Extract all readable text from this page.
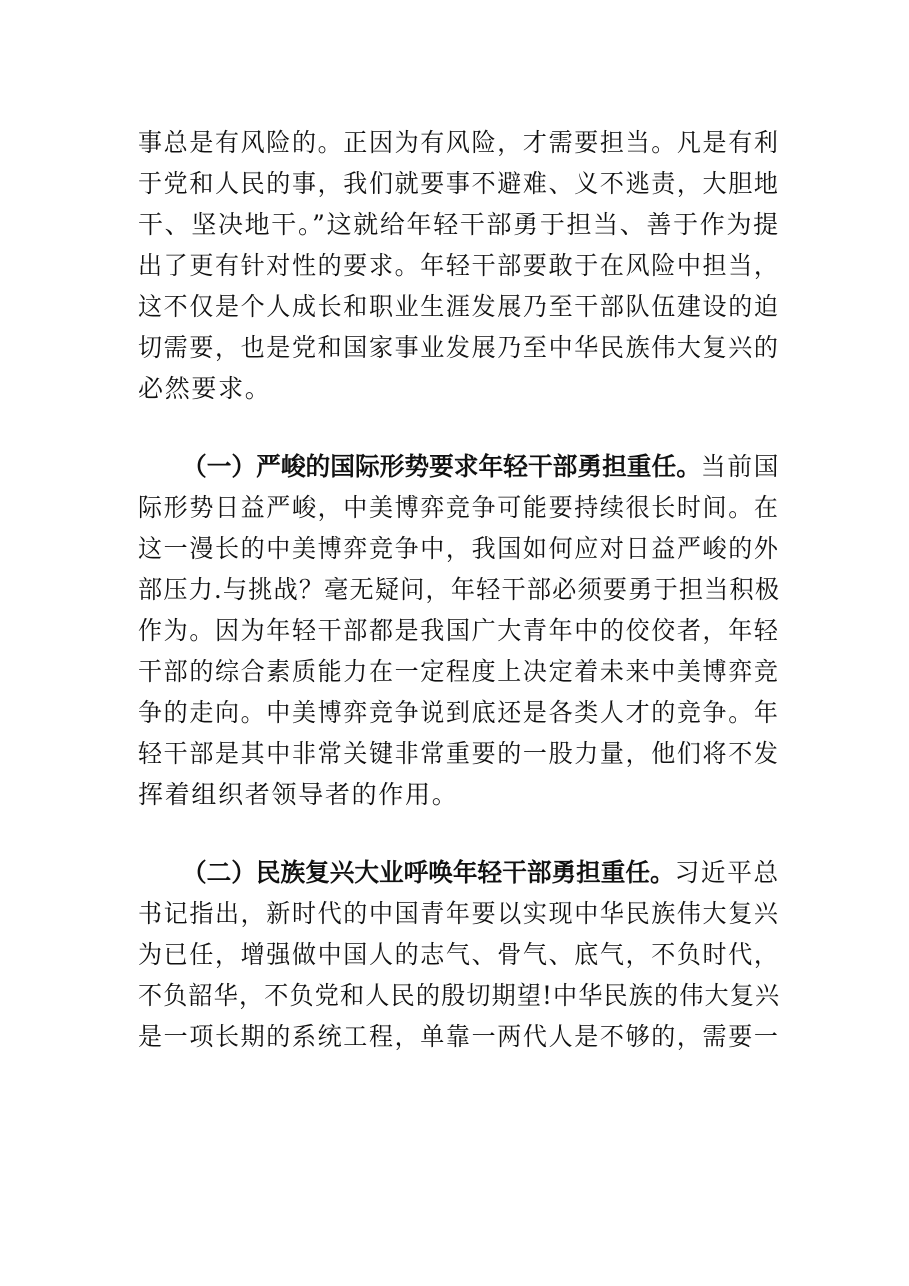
事总是有风险的。正因为有风险，才需要担当。凡是有利
于党和人民的事，我们就要事不避难、义不逃责，大胆地
干、坚决地干。”这就给年轻干部勇于担当、善于作为提
出了更有针对性的要求。年轻干部要敢于在风险中担当，
这不仅是个人成长和职业生涯发展乃至干部队伍建设的迫
切需要，也是党和国家事业发展乃至中华民族伟大复兴的
必然要求。
（一）严峻的国际形势要求年轻干部勇担重任。当前国
际形势日益严峻，中美博弈竞争可能要持续很长时间。在
这一漫长的中美博弈竞争中，我国如何应对日益严峻的外
部压力.与挑战？毫无疑问，年轻干部必须要勇于担当积极
作为。因为年轻干部都是我国广大青年中的佼佼者，年轻
干部的综合素质能力在一定程度上决定着未来中美博弈竞
争的走向。中美博弈竞争说到底还是各类人才的竞争。年
轻干部是其中非常关键非常重要的一股力量，他们将不发
挥着组织者领导者的作用。
（二）民族复兴大业呼唤年轻干部勇担重任。习近平总
书记指出，新时代的中国青年要以实现中华民族伟大复兴
为已任，增强做中国人的志气、骨气、底气，不负时代，
不负韶华，不负党和人民的殷切期望!中华民族的伟大复兴
是一项长期的系统工程，单靠一两代人是不够的，需要一
